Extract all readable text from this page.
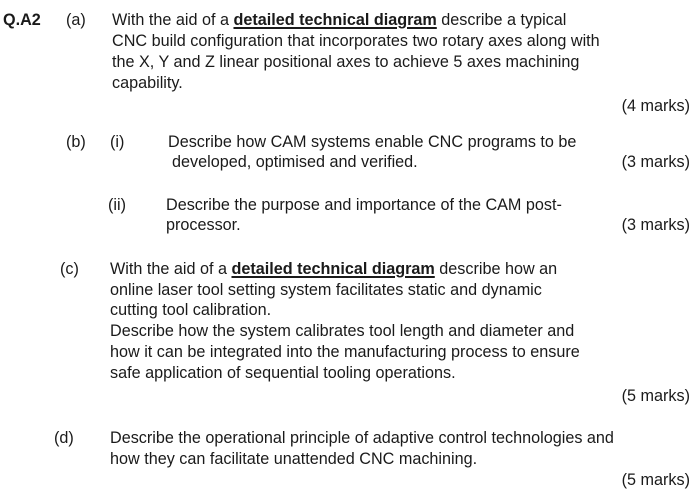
Q.A2 (a) With the aid of a detailed technical diagram describe a typical
CNC build configuration that incorporates two rotary axes along with
the X, Y and Z linear positional axes to achieve 5 axes machining
capability.
(4 marks)
(b) (i)	Describe how CAM systems enable CNC programs to be
developed, optimised and verified.	(3 marks)
(ii) Describe the purpose and importance of the CAM post-
processor.	(3 marks)
(c) With the aid of a detailed technical diagram describe how an
online laser tool setting system facilitates static and dynamic
cutting tool calibration.
Describe how the system calibrates tool length and diameter and
how it can be integrated into the manufacturing process to ensure
safe application of sequential tooling operations.
(5 marks)
(d) Describe the operational principle of adaptive control technologies and
how they can facilitate unattended CNC machining.
(5 marks)
